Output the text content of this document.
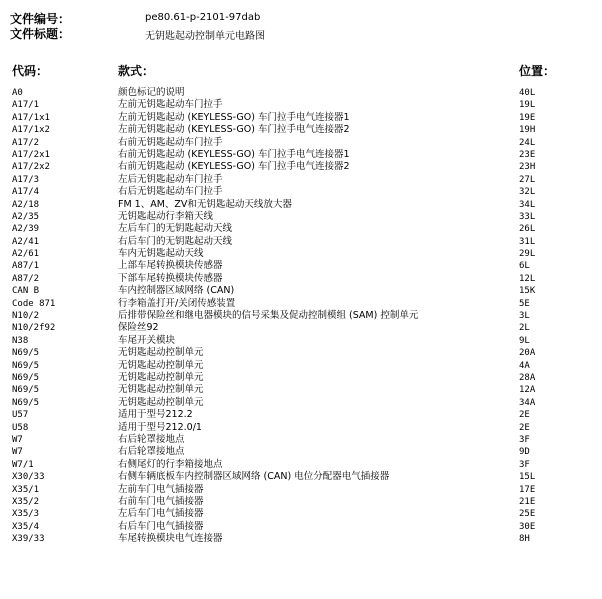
文件编号：	pe80.61-p-2101-97dab
文件标题：	无钥匙起动控制单元电路图
代码：	款式：	位置：
A0	颜色标记的说明	40L
A17/1	左前无钥匙起动车门拉手	19L
A17/1x1	左前无钥匙起动 (KEYLESS-GO) 车门拉手电气连接器1	19E
A17/1x2	左前无钥匙起动 (KEYLESS-GO) 车门拉手电气连接器2	19H
A17/2	右前无钥匙起动车门拉手	24L
A17/2x1	右前无钥匙起动 (KEYLESS-GO) 车门拉手电气连接器1	23E
A17/2x2	右前无钥匙起动 (KEYLESS-GO) 车门拉手电气连接器2	23H
A17/3	左后无钥匙起动车门拉手	27L
A17/4	右后无钥匙起动车门拉手	32L
A2/18	FM 1、AM、ZV和无钥匙起动天线放大器	34L
A2/35	无钥匙起动行李箱天线	33L
A2/39	左后车门的无钥匙起动天线	26L
A2/41	右后车门的无钥匙起动天线	31L
A2/61	车内无钥匙起动天线	29L
A87/1	上部车尾转换模块传感器	6L
A87/2	下部车尾转换模块传感器	12L
CAN B	车内控制器区域网络 (CAN)	15K
Code 871	行李箱盖打开/关闭传感装置	5E
N10/2	后排带保险丝和继电器模块的信号采集及促动控制模组 (SAM) 控制单元	3L
N10/2f92	保险丝92	2L
N38	车尾开关模块	9L
N69/5	无钥匙起动控制单元	20A
N69/5	无钥匙起动控制单元	4A
N69/5	无钥匙起动控制单元	28A
N69/5	无钥匙起动控制单元	12A
N69/5	无钥匙起动控制单元	34A
U57	适用于型号212.2	2E
U58	适用于型号212.0/1	2E
W7	右后轮罩接地点	3F
W7	右后轮罩接地点	9D
W7/1	右侧尾灯的行李箱接地点	3F
X30/33	右侧车辆底板车内控制器区域网络 (CAN) 电位分配器电气插接器	15L
X35/1	左前车门电气插接器	17E
X35/2	右前车门电气插接器	21E
X35/3	左后车门电气插接器	25E
X35/4	右后车门电气插接器	30E
X39/33	车尾转换模块电气连接器	8H
